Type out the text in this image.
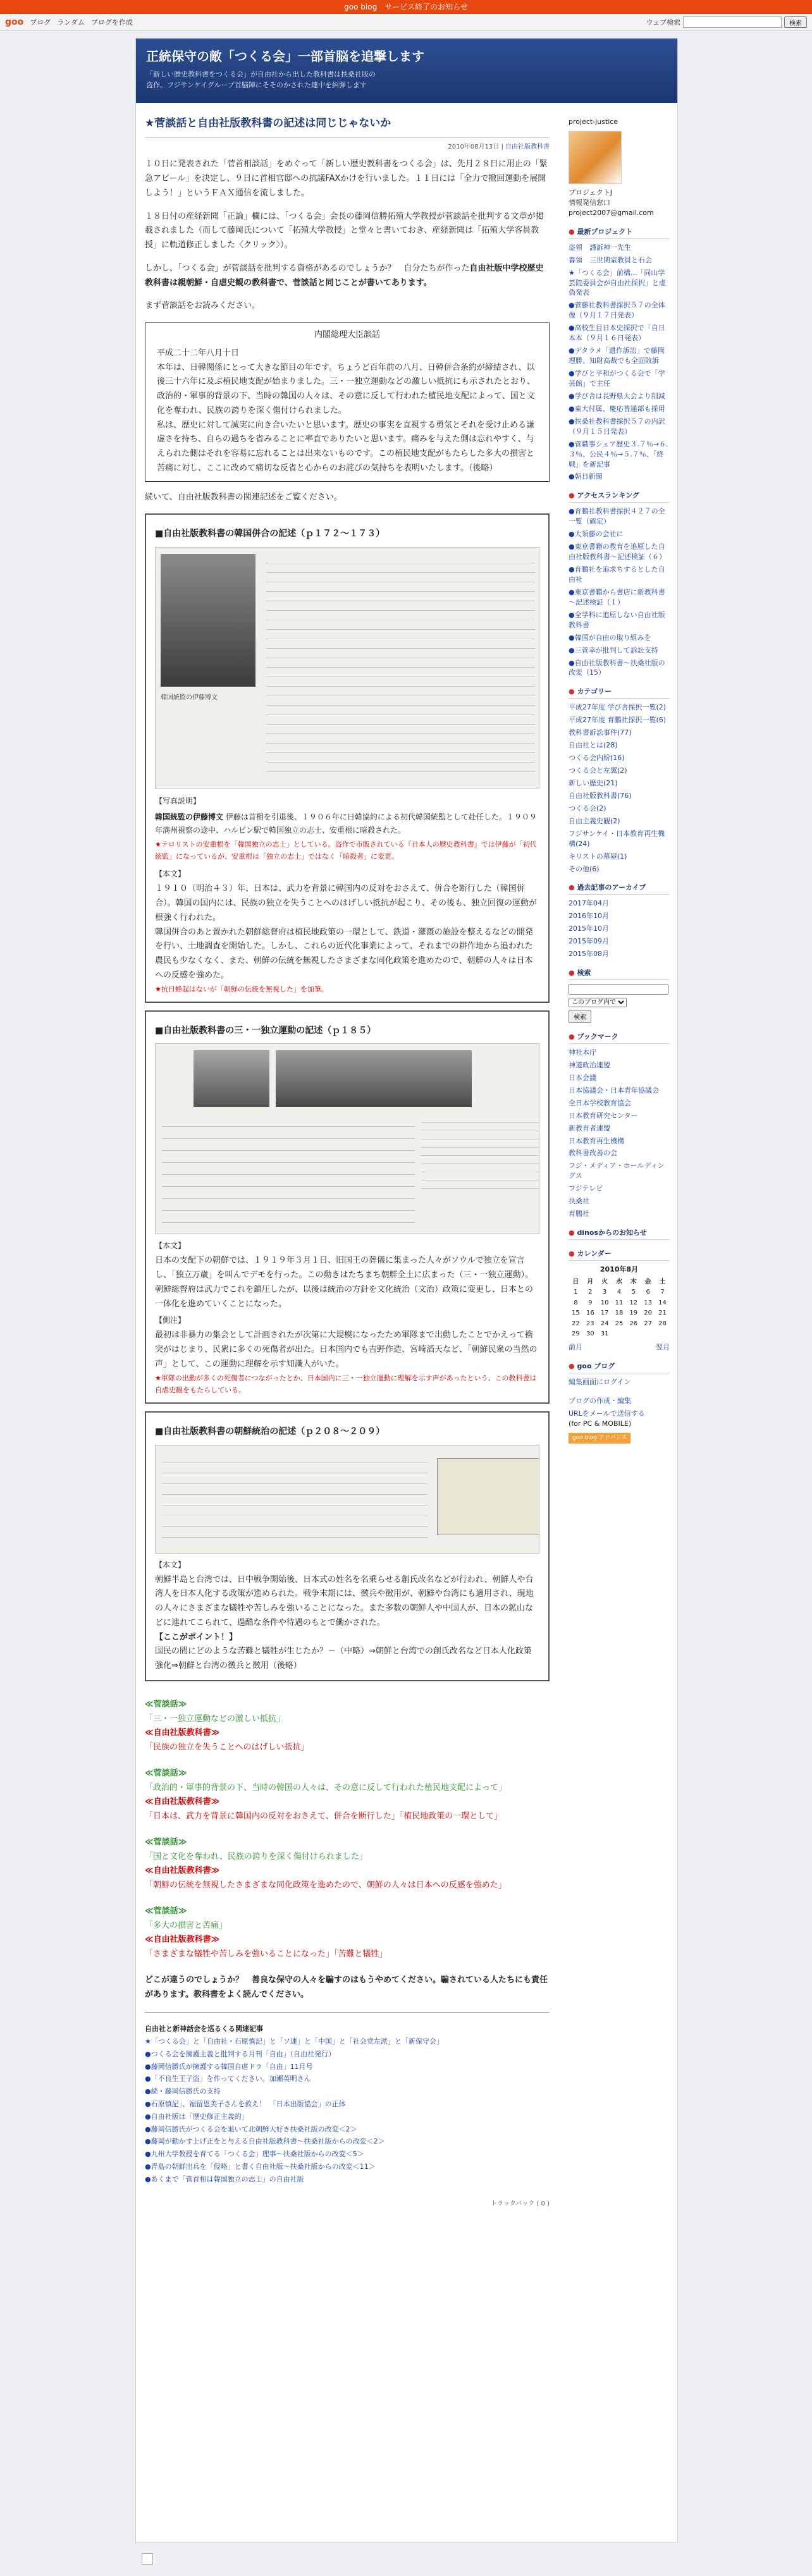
goo blog　サービス終了のお知らせ
goo ブログ ランダム ブログを作成	ウェブ検索	検索
正統保守の敵「つくる会」一部首脳を追撃します
「新しい歴史教科書をつくる会」が自由社から出した教科書は扶桑社版の
盗作。フジサンケイグループ首脳陣にそそのかされた連中を糾弾します
★菅談話と自由社版教科書の記述は同じじゃないか
2010年08月13日 | 自由社版教科書

１０日に発表された「菅首相談話」をめぐって「新しい歴史教科書をつくる会」は、先月２８日に用止の「緊急アピール」を決定し、９日に首相官邸への抗議FAXかけを行いました。１１日には「全力で撤回運動を展開しよう！」というＦＡＸ通信を流しました。

１８日付の産経新聞「正論」欄には、「つくる会」会長の藤岡信勝拓殖大学教授が菅談話を批判する文章が掲載されました（而して藤岡氏について「拓殖大学教授」と堂々と書いておき、産経新聞は「拓殖大学客員教授」に軌道修正しました〈クリック〉）。

しかし、「つくる会」が菅談話を批判する資格があるのでしょうか？　自分たちが作った自由社版中学校歴史教科書は親朝鮮・自虐史観の教科書で、菅談話と同じことが書いてあります。

まず菅談話をお読みください。

内閣総理大臣談話
平成二十二年八月十日
本年は、日韓関係にとって大きな節目の年です。ちょうど百年前の八月、日韓併合条約が締結され、以後三十六年に及ぶ植民地支配が始まりました。三・一独立運動などの激しい抵抗にも示されたとおり、政治的・軍事的背景の下、当時の韓国の人々は、その意に反して行われた植民地支配によって、国と文化を奪われ、民族の誇りを深く傷付けられました。
私は、歴史に対して誠実に向き合いたいと思います。歴史の事実を直視する勇気とそれを受け止める謙虚さを持ち、自らの過ちを省みることに率直でありたいと思います。痛みを与えた側は忘れやすく、与えられた側はそれを容易に忘れることは出来ないものです。この植民地支配がもたらした多大の損害と苦痛に対し、ここに改めて痛切な反省と心からのお詫びの気持ちを表明いたします。（後略）

続いて、自由社版教科書の関連記述をご覧ください。

■自由社版教科書の韓国併合の記述（ｐ１７２〜１７３）
韓国統監の伊藤博文
【写真説明】
韓国統監の伊藤博文 伊藤は首相を引退後、１９０６年に日韓協約による初代韓国統監として赴任した。１９０９年満州視察の途中、ハルビン駅で韓国独立の志士、安重根に暗殺された。
★テロリストの安重根を「韓国独立の志士」としている。盗作で市販されている『日本人の歴史教科書』では伊藤が「初代統監」になっているが、安重根は「独立の志士」ではなく「暗殺者」に変更。
【本文】
１９１０（明治４３）年、日本は、武力を背景に韓国内の反対をおさえて、併合を断行した（韓国併合）。韓国の国内には、民族の独立を失うことへのはげしい抵抗が起こり、その後も、独立回復の運動が根強く行われた。
韓国併合のあと置かれた朝鮮総督府は植民地政策の一環として、鉄道・灌漑の施設を整えるなどの開発を行い、土地調査を開始した。しかし、これらの近代化事業によって、それまでの耕作地から追われた農民も少なくなく、また、朝鮮の伝統を無視したさまざまな同化政策を進めたので、朝鮮の人々は日本への反感を強めた。
★抗日蜂起はないが「朝鮮の伝統を無視した」を加筆。
■自由社版教科書の三・一独立運動の記述（ｐ１８５）
【本文】
日本の支配下の朝鮮では、１９１９年３月１日、旧国王の葬儀に集まった人々がソウルで独立を宣言し、「独立万歳」を叫んでデモを行った。この動きはたちまち朝鮮全土に広まった（三・一独立運動）。朝鮮総督府は武力でこれを鎮圧したが、以後は統治の方針を文化統治（文治）政策に変更し、日本との一体化を進めていくことになった。
【側注】
最初は非暴力の集会として計画されたが次第に大規模になったため軍隊まで出動したことでかえって衝突がはじまり、民衆に多くの死傷者が出た。日本国内でも吉野作造、宮崎滔天など、「朝鮮民衆の当然の声」として、この運動に理解を示す知識人がいた。
★軍隊の出動が多くの死傷者につながったとか、日本国内に三・一独立運動に理解を示す声があったという、この教科書は自虐史観をもたらしている。
■自由社版教科書の朝鮮統治の記述（ｐ２０８〜２０９）
【本文】
朝鮮半島と台湾では、日中戦争開始後、日本式の姓名を名乗らせる創氏改名などが行われ、朝鮮人や台湾人を日本人化する政策が進められた。戦争末期には、徴兵や徴用が、朝鮮や台湾にも適用され、現地の人々にさまざまな犠牲や苦しみを強いることになった。また多数の朝鮮人や中国人が、日本の鉱山などに連れてこられて、過酷な条件や待遇のもとで働かされた。
【ここがポイント！】
国民の間にどのような苦難と犠牲が生じたか？－（中略）⇒朝鮮と台湾での創氏改名など日本人化政策強化⇒朝鮮と台湾の徴兵と徴用（後略）
≪菅談話≫
「三・一独立運動などの激しい抵抗」
≪自由社版教科書≫
「民族の独立を失うことへのはげしい抵抗」
≪菅談話≫
「政治的・軍事的背景の下、当時の韓国の人々は、その意に反して行われた植民地支配によって」
≪自由社版教科書≫
「日本は、武力を背景に韓国内の反対をおさえて、併合を断行した」「植民地政策の一環として」
≪菅談話≫
「国と文化を奪われ、民族の誇りを深く傷付けられました」
≪自由社版教科書≫
「朝鮮の伝統を無視したさまざまな同化政策を進めたので、朝鮮の人々は日本への反感を強めた」
≪菅談話≫
「多大の損害と苦痛」
≪自由社版教科書≫
「さまざまな犠牲や苦しみを強いることになった」「苦難と犠牲」

どこが違うのでしょうか？　善良な保守の人々を騙すのはもうやめてください。騙されている人たちにも責任があります。教科書をよく読んでください。

自由社と新神話会を巡るくる関連記事
★「つくる会」と「自由社・石原慎記」と「ソ連」と「中国」と「社会党左派」と「新保守会」
●つくる会を擁護主義と批判する月刊「自由」（自由社発行）
●藤岡信勝氏が擁護する韓国自虐ドラ「自由」11月号
●「不良生王子盗」を作ってください。加瀬英明さん
●続・藤岡信勝氏の支持
●石原慎記」、福留恩美子さんを救え！　「日本出版協会」の正体
●自由社版は「歴史修正主義的」
●藤岡信勝氏がつくる会を退いて北朝鮮大好き扶桑社版の改変＜2＞
●藤岡が動かす上げ正をと与える自由社版教科書～扶桑社版からの改変＜2＞
●九州大学教授を育てる「つくる会」理事～扶桑社版からの改変＜5＞
●青島の朝鮮出兵を「侵略」と書く自由社版～扶桑社版からの改変＜11＞
●あくまで「菅首相は韓国独立の志士」の自由社版
トラックバック ( 0 )
project-justice
プロジェクトJ
情報発信窓口
project2007@gmail.com
● 最新プロジェクト
盗領　謹訴神一先生
養領　三世関室教員と石会
★「つくる会」前橋...「同山学芸院委員会が自由社採択」と虚偽発表
●菅藤社教科書採択５７の全体像（９月１７日発表）
●高校生目日本史採択で「自日本本（９月１６日発表）
●デタラメ「遺作訴訟」で藤岡理勝、知財高裁でも全面敗訴
●学びと平和がつくる会で「学芸館」で主任
●学び舎は長野県大会より削減
●東大付属、慶応普通部も採用
●扶桑社教科書採択５７の内訳（９月１５日発表）
●菅職事シェア歴史３.７％→６.３％、公民４％→５.７％、「終戦」を新記事
●朝日新聞
● アクセスランキング
●育鵬社教科書採択４２７の全一覧（確定）
●大須藤の会社に
●東京書籍の教育を追原した自由社版教科書～記述検証（６）
●育鵬社を追求ちするとした自由社
●東京書籍から書店に新教科書～記述検証（１）
●全学科に追原しない自由社版教科書
●韓国が自由の取り組みを
●三菅幸が批判して訴訟支持
●自由社版教科書～扶桑社版の改変（15）
● カテゴリー
平成27年度 学び舎採択一覧(2)
平成27年度 育鵬社採択一覧(6)
教科書訴訟事件(77)
自由社とは(28)
つくる会内紛(16)
つくる会と左翼(2)
新しい歴史(21)
自由社版教科書(76)
つくる会(2)
自由主義史観(2)
フジサンケイ・日本教育再生機構(24)
キリストの幕屋(1)
その他(6)
● 過去記事のアーカイブ
2017年04月
2016年10月
2015年10月
2015年09月
2015年08月
● 検索
このブログ内で
検索
● ブックマーク
神社本庁
神道政治連盟
日本会議
日本協議会・日本青年協議会
全日本学校教育協会
日本教育研究センター
新教育者連盟
日本教育再生機構
教科書改善の会
フジ・メディア・ホールディングス
フジテレビ
扶桑社
育鵬社
● dinosからのお知らせ
● カレンダー
2010年8月
日	月	火	水	木	金	土
1	2	3	4	5	6	7
8	9	10	11	12	13	14
15	16	17	18	19	20	21
22	23	24	25	26	27	28
29	30	31				
前月	翌月
● goo ブログ
編集画面にログイン
ブログの作成・編集
URLをメールで送信する
(for PC & MOBILE)
goo blog アドバンス
